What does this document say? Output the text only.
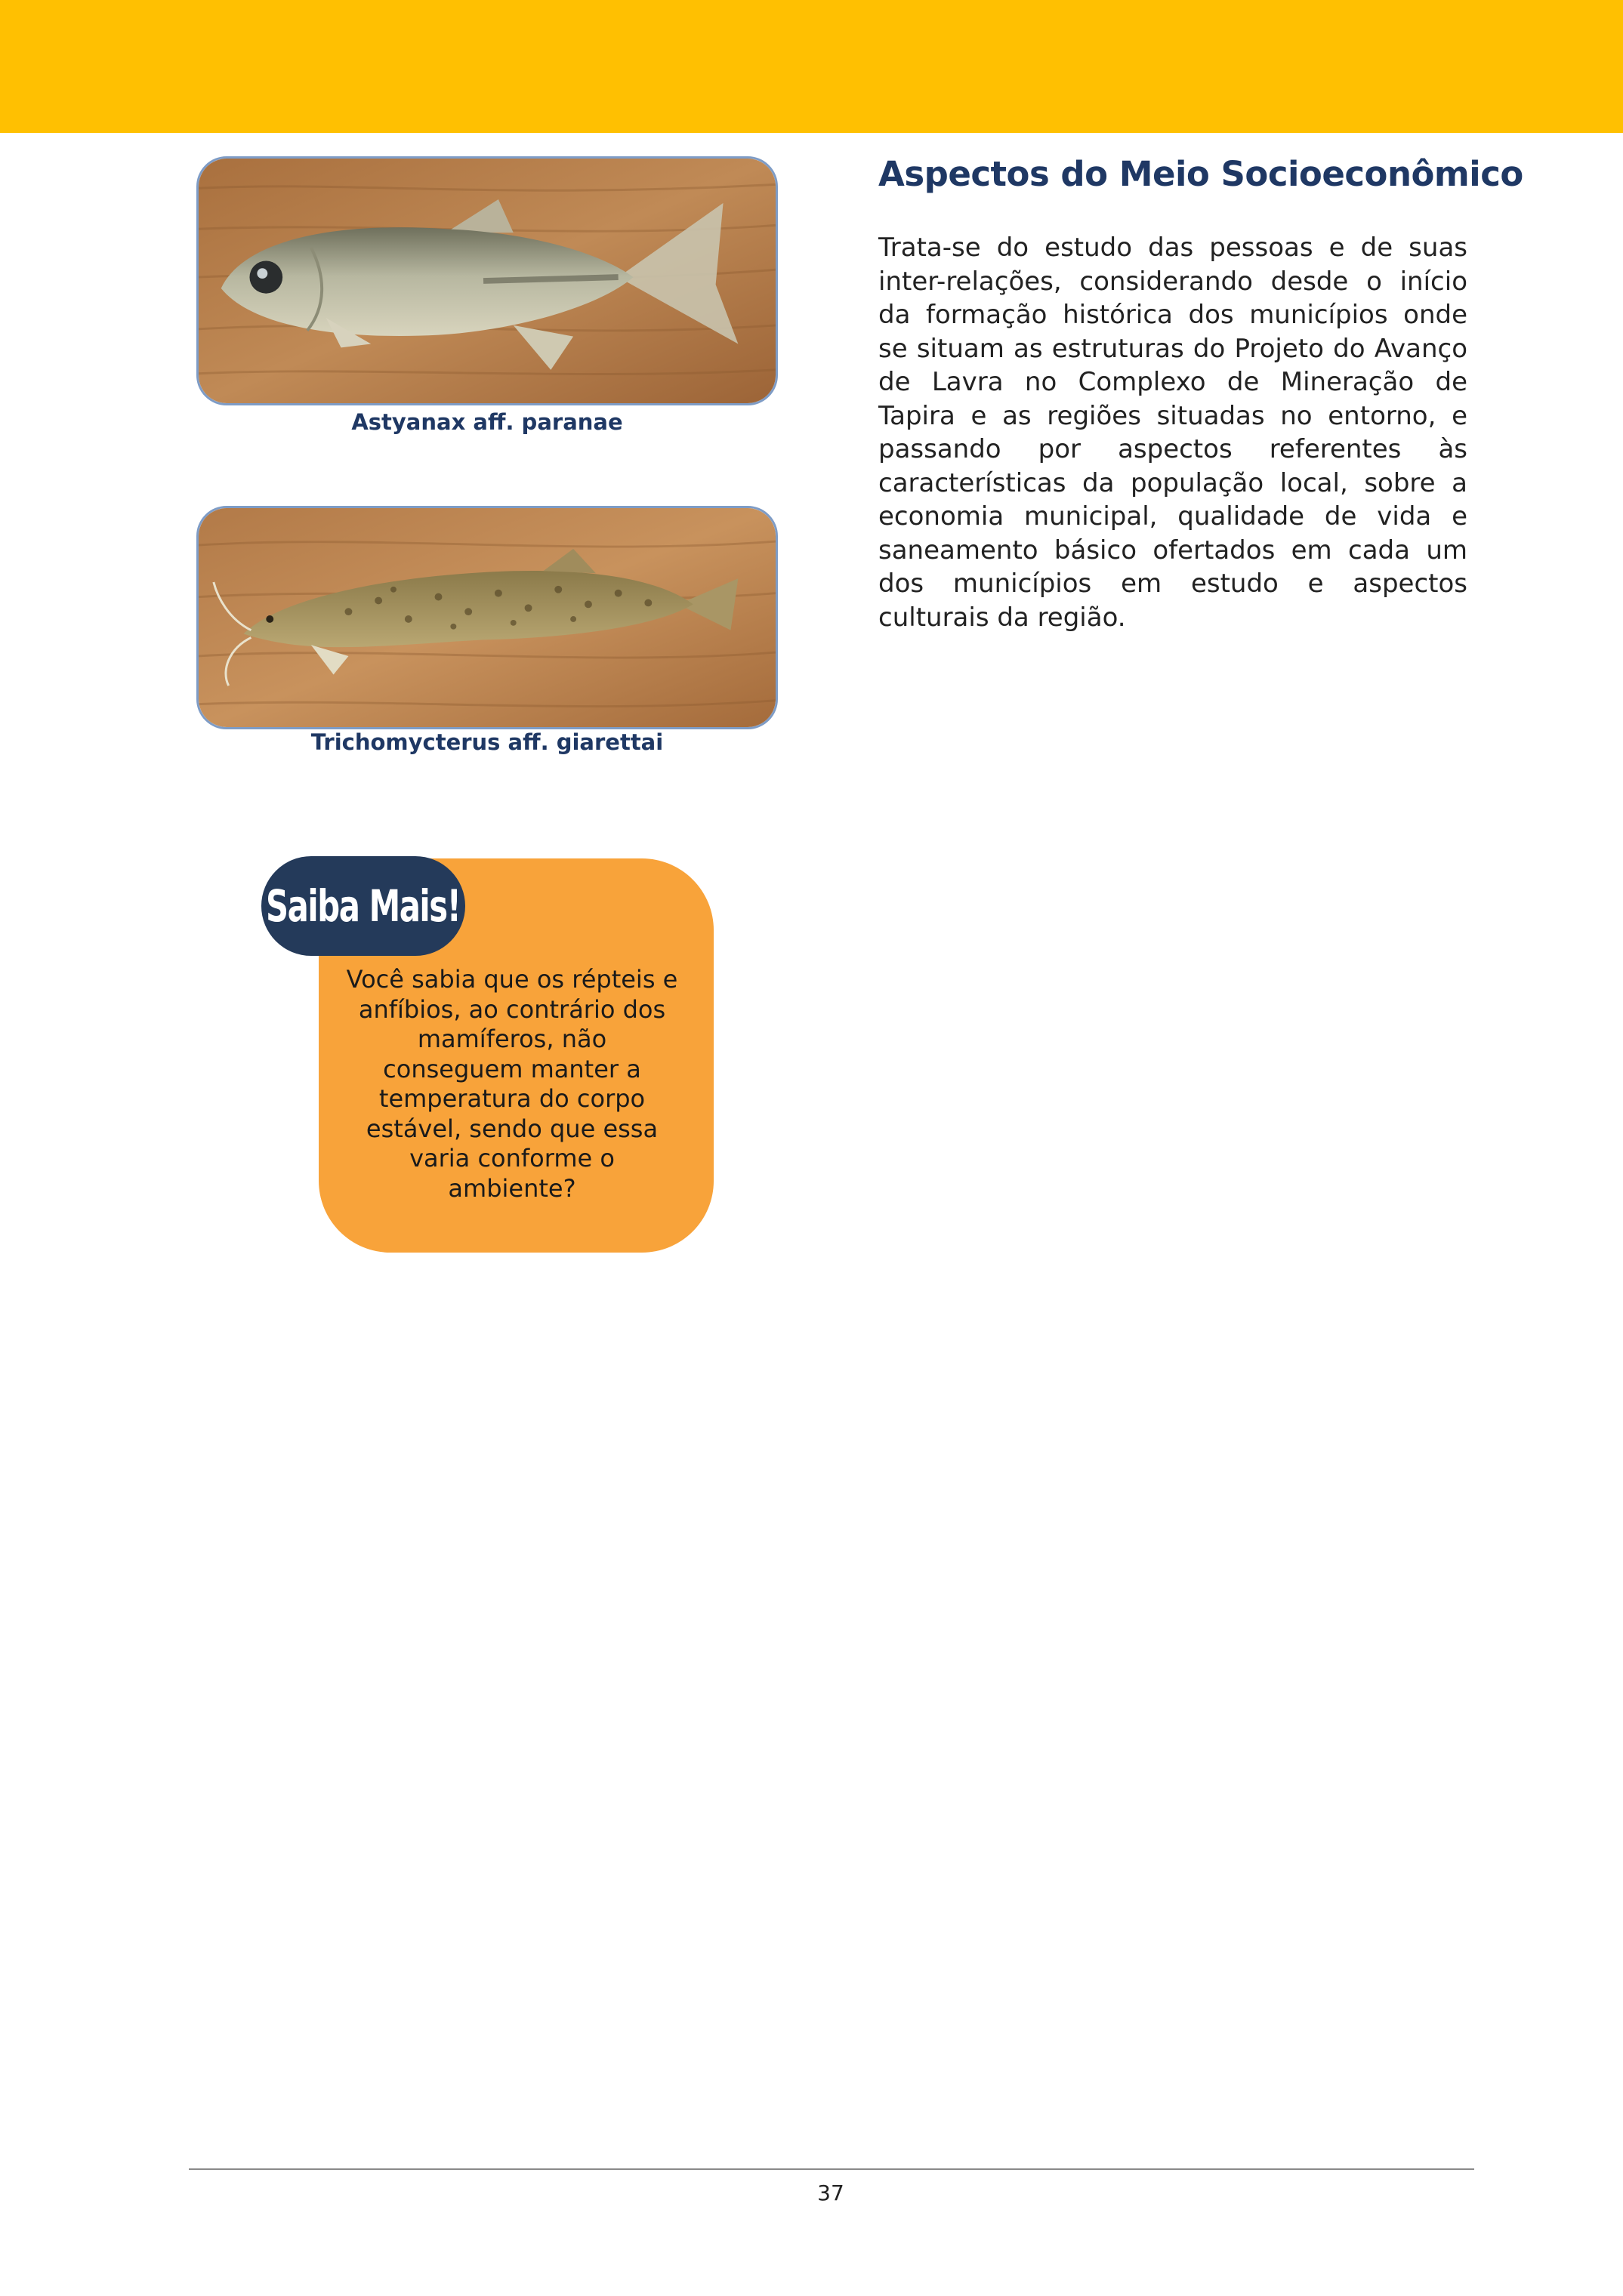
Astyanax aff. paranae
Trichomycterus aff. giarettai
Aspectos do Meio Socioeconômico

Trata-se do estudo das pessoas e de suas inter-relações, considerando desde o início da formação histórica dos municípios onde se situam as estruturas do Projeto do Avanço de Lavra no Complexo de Mineração de Tapira e as regiões situadas no entorno, e passando por aspectos referentes às características da população local, sobre a economia municipal, qualidade de vida e saneamento básico ofertados em cada um dos municípios em estudo e aspectos culturais da região.

Você sabia que os répteis e anfíbios, ao contrário dos mamíferos, não conseguem manter a temperatura do corpo estável, sendo que essa varia conforme o ambiente?

Saiba Mais!
37
